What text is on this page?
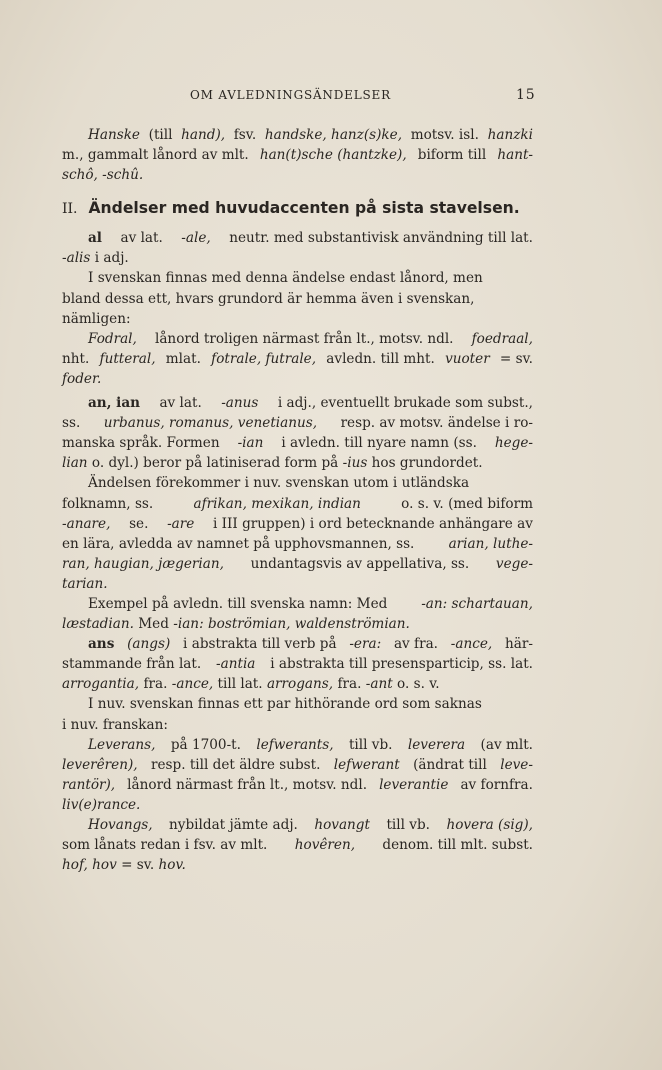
OM AVLEDNINGSÄNDELSER	15
Hanske (till hand), fsv. handske, hanz(s)ke, motsv. isl. hanzki
m., gammalt lånord av mlt. han(t)sche (hantzke), biform till hant-
schô, -schû.
II. Ändelser med huvudaccenten på sista stavelsen.
al av lat. -ale, neutr. med substantivisk användning till lat.
-alis i adj.
I svenskan finnas med denna ändelse endast lånord, men
bland dessa ett, hvars grundord är hemma även i svenskan,
nämligen:
Fodral, lånord troligen närmast från lt., motsv. ndl. foedraal,
nht. futteral, mlat. fotrale, futrale, avledn. till mht. vuoter = sv.
foder.
an, ian av lat. -anus i adj., eventuellt brukade som subst.,
ss. urbanus, romanus, venetianus, resp. av motsv. ändelse i ro-
manska språk. Formen -ian i avledn. till nyare namn (ss. hege-
lian o. dyl.) beror på latiniserad form på -ius hos grundordet.
Ändelsen förekommer i nuv. svenskan utom i utländska
folknamn, ss.	afrikan, mexikan, indian	o. s. v. (med biform
-anare, se. -are i III gruppen) i ord betecknande anhängare av
en lära, avledda av namnet på upphovsmannen, ss.	arian, luthe-
ran, haugian, jægerian, undantagsvis av appellativa, ss. vege-
tarian.
Exempel på avledn. till svenska namn: Med -an: schartauan,
læstadian. Med -ian: boströmian, waldenströmian.
ans (angs) i abstrakta till verb på -era: av fra. -ance, här-
stammande från lat. -antia i abstrakta till presensparticip, ss. lat.
arrogantia, fra. -ance, till lat. arrogans, fra. -ant o. s. v.
I nuv. svenskan finnas ett par hithörande ord som saknas
i nuv. franskan:
Leverans, på 1700-t. lefwerants, till vb. leverera (av mlt.
leverêren), resp. till det äldre subst. lefwerant (ändrat till leve-
rantör), lånord närmast från lt., motsv. ndl. leverantie av fornfra.
liv(e)rance.
Hovangs, nybildat jämte adj. hovangt till vb. hovera (sig),
som lånats redan i fsv. av mlt. hovêren, denom. till mlt. subst.
hof, hov = sv. hov.
